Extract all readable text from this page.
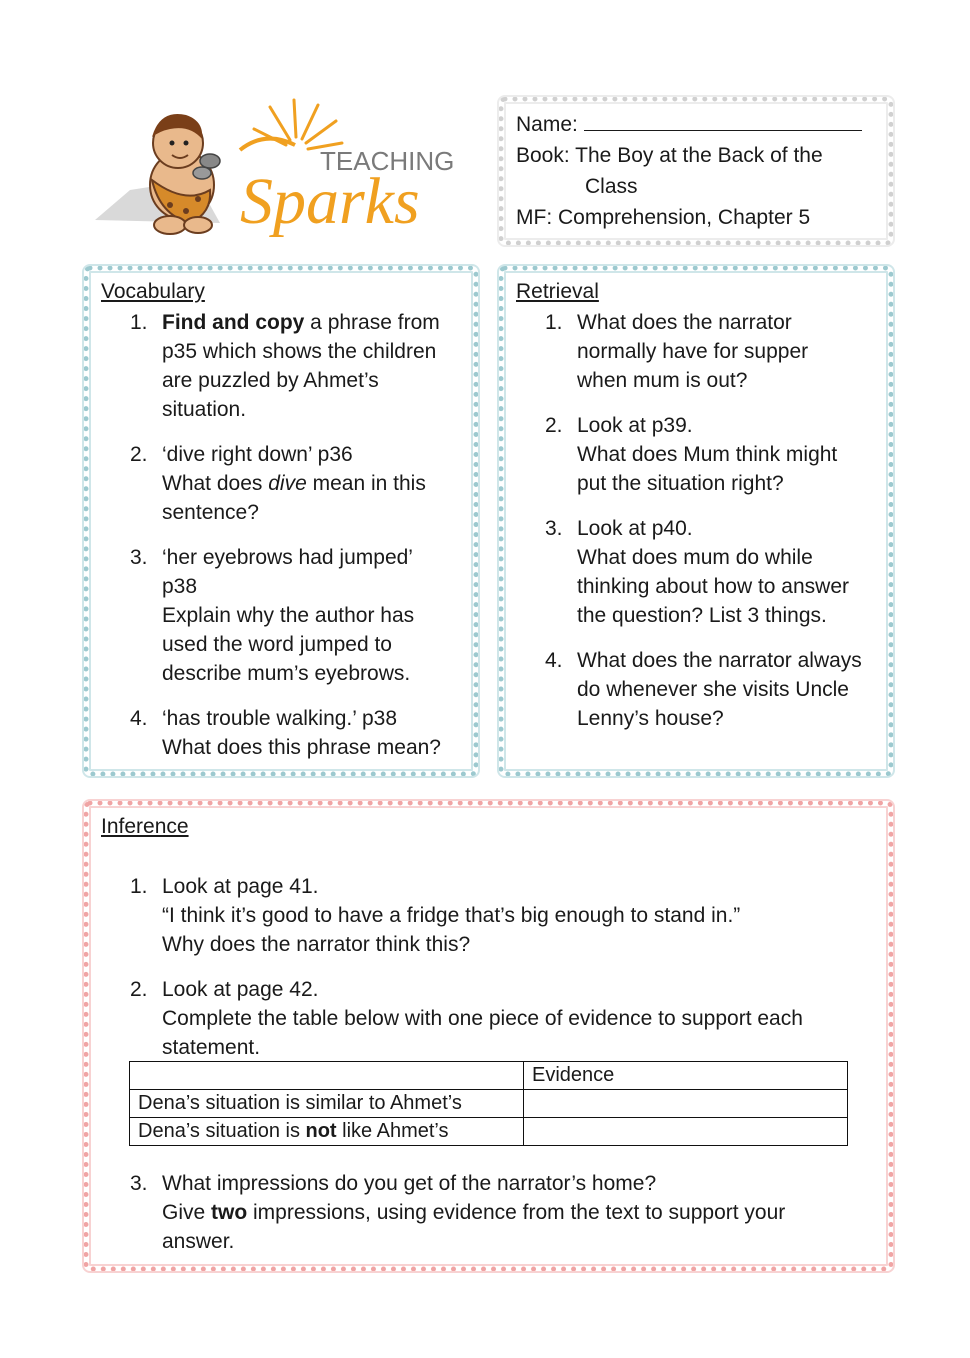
TEACHING
Sparks
Name:
Book: The Boy at the Back of the
Class
MF: Comprehension, Chapter 5
Vocabulary
1. Find and copy a phrase from
p35 which shows the children
are puzzled by Ahmet’s
situation.
2. ‘dive right down’ p36
What does dive mean in this
sentence?
3. ‘her eyebrows had jumped’
p38
Explain why the author has
used the word jumped to
describe mum’s eyebrows.
4. ‘has trouble walking.’ p38
What does this phrase mean?
Retrieval
1. What does the narrator
normally have for supper
when mum is out?
2. Look at p39.
What does Mum think might
put the situation right?
3. Look at p40.
What does mum do while
thinking about how to answer
the question? List 3 things.
4. What does the narrator always
do whenever she visits Uncle
Lenny’s house?
Inference
1. Look at page 41.
“I think it’s good to have a fridge that’s big enough to stand in.”
Why does the narrator think this?
2. Look at page 42.
Complete the table below with one piece of evidence to support each
statement.
	Evidence
Dena’s situation is similar to Ahmet’s	
Dena’s situation is not like Ahmet’s	
3. What impressions do you get of the narrator’s home?
Give two impressions, using evidence from the text to support your
answer.
